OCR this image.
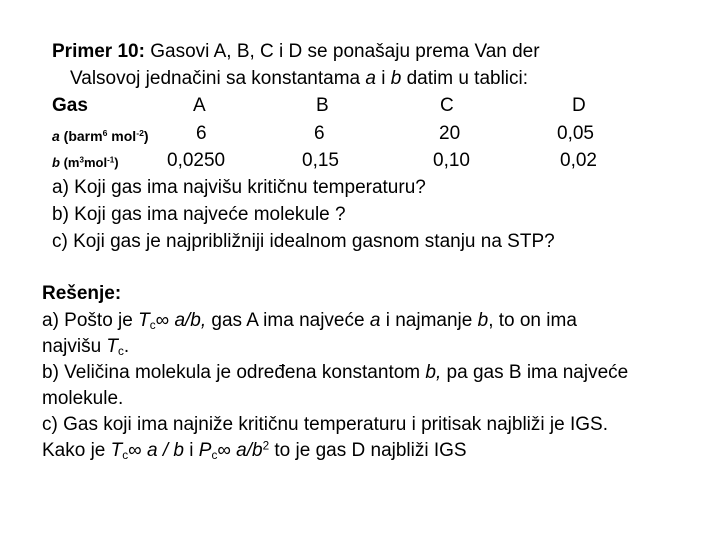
Primer 10: Gasovi A, B, C i D se ponašaju prema Van der
Valsovoj jednačini sa konstantama a i b datim u tablici:
Gas	A	B	C	D
a (barm$^6$ mol$^{-2}$) 6	6	20	0,05
b $(m^3mol^{-1})$	0,0250	0,15	0,10	0,02
a) Koji gas ima najvišu kritičnu temperaturu?
b) Koji gas ima najveće molekule ?
c) Koji gas je najpribližniji idealnom gasnom stanju na STP?
Rešenje:
a) Pošto je $T_c\infty$ a/b, gas A ima najveće a i najmanje b, to on ima
najvišu $T_c$.
b) Veličina molekula je određena konstantom b, pa gas B ima najveće
molekule.
c) Gas koji ima najniže kritičnu temperaturu i pritisak najbliži je IGS.
Kako je $T_c\infty$ a / b i $P_c\infty$ $a/b^2$ to je gas D najbliži IGS
